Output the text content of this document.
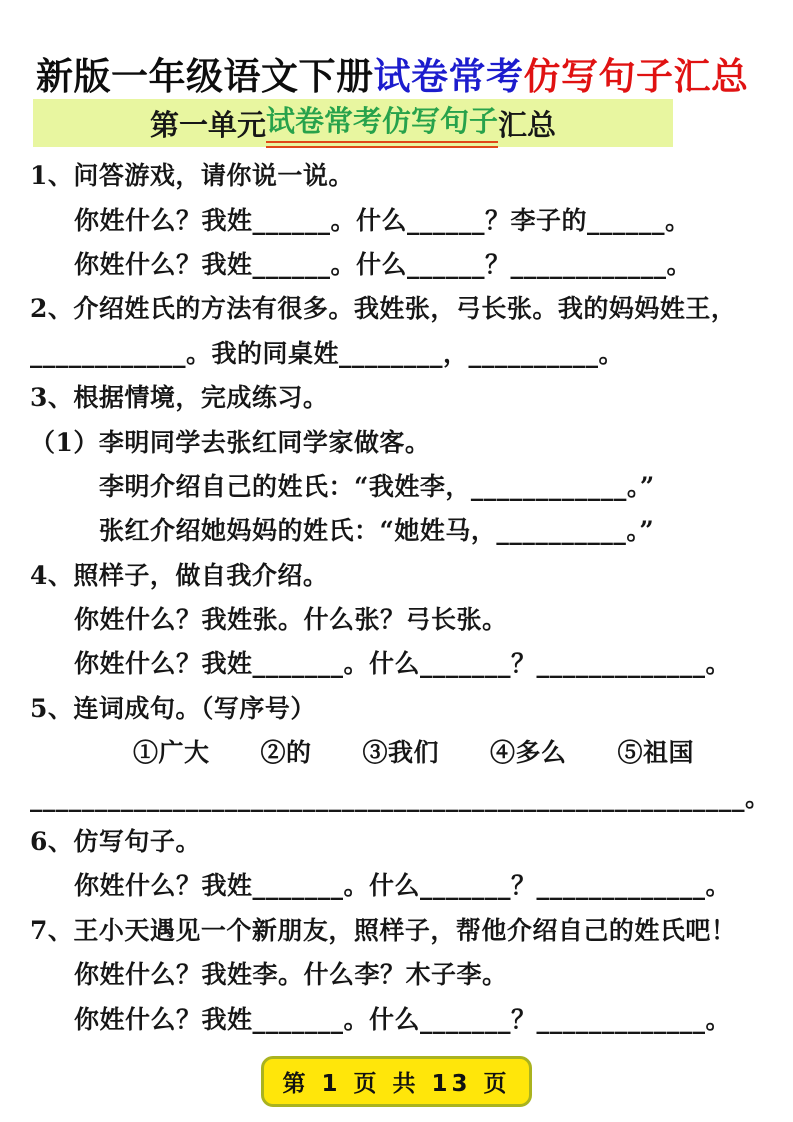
新版一年级语文下册试卷常考仿写句子汇总
第一单元 试卷常考仿写句子 汇总
1、问答游戏，请你说一说。
你姓什么？我姓______。什么______？李子的______。
你姓什么？我姓______。什么______？____________。
2、介绍姓氏的方法有很多。我姓张，弓长张。我的妈妈姓王，
____________。我的同桌姓________，__________。
3、根据情境，完成练习。
（1）李明同学去张红同学家做客。
李明介绍自己的姓氏：“我姓李，____________。”
张红介绍她妈妈的姓氏：“她姓马，__________。”
4、照样子，做自我介绍。
你姓什么？我姓张。什么张？弓长张。
你姓什么？我姓_______。什么_______？_____________。
5、连词成句。（写序号）
①广大　　②的　　③我们　　④多么　　⑤祖国
_______________________________________________________。
6、仿写句子。
你姓什么？我姓_______。什么_______？_____________。
7、王小天遇见一个新朋友，照样子，帮他介绍自己的姓氏吧！
你姓什么？我姓李。什么李？木子李。
你姓什么？我姓_______。什么_______？_____________。
第 1 页 共 13 页
